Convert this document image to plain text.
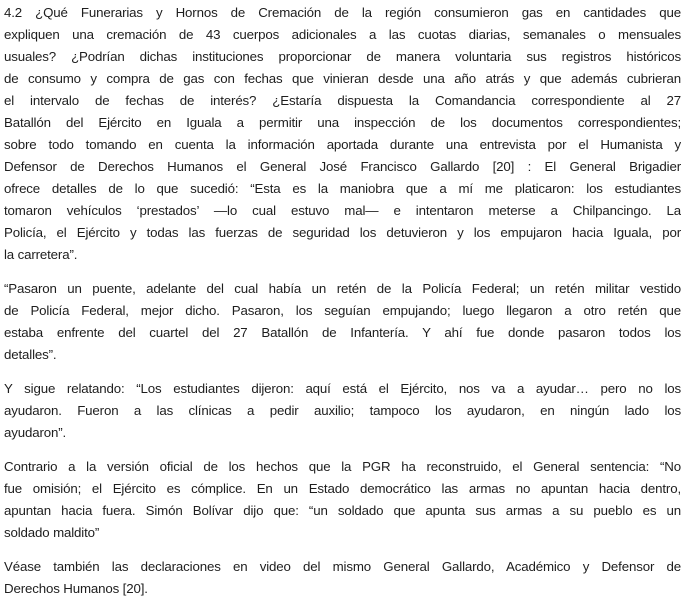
4.2 ¿Qué Funerarias y Hornos de Cremación de la región consumieron gas en cantidades que
expliquen una cremación de 43 cuerpos adicionales a las cuotas diarias, semanales o mensuales
usuales? ¿Podrían dichas instituciones proporcionar de manera voluntaria sus registros históricos
de consumo y compra de gas con fechas que vinieran desde una año atrás y que además cubrieran
el intervalo de fechas de interés? ¿Estaría dispuesta la Comandancia correspondiente al 27
Batallón del Ejército en Iguala a permitir una inspección de los documentos correspondientes;
sobre todo tomando en cuenta la información aportada durante una entrevista por el Humanista y
Defensor de Derechos Humanos el General José Francisco Gallardo [20] : El General Brigadier
ofrece detalles de lo que sucedió: “Esta es la maniobra que a mí me platicaron: los estudiantes
tomaron vehículos ‘prestados’ —lo cual estuvo mal— e intentaron meterse a Chilpancingo. La
Policía, el Ejército y todas las fuerzas de seguridad los detuvieron y los empujaron hacia Iguala, por
la carretera”.
“Pasaron un puente, adelante del cual había un retén de la Policía Federal; un retén militar vestido
de Policía Federal, mejor dicho. Pasaron, los seguían empujando; luego llegaron a otro retén que
estaba enfrente del cuartel del 27 Batallón de Infantería. Y ahí fue donde pasaron todos los
detalles”.
Y sigue relatando: “Los estudiantes dijeron: aquí está el Ejército, nos va a ayudar… pero no los
ayudaron. Fueron a las clínicas a pedir auxilio; tampoco los ayudaron, en ningún lado los
ayudaron”.
Contrario a la versión oficial de los hechos que la PGR ha reconstruido, el General sentencia: “No
fue omisión; el Ejército es cómplice. En un Estado democrático las armas no apuntan hacia dentro,
apuntan hacia fuera. Simón Bolívar dijo que: “un soldado que apunta sus armas a su pueblo es un
soldado maldito”
Véase también las declaraciones en video del mismo General Gallardo, Académico y Defensor de
Derechos Humanos [20].
